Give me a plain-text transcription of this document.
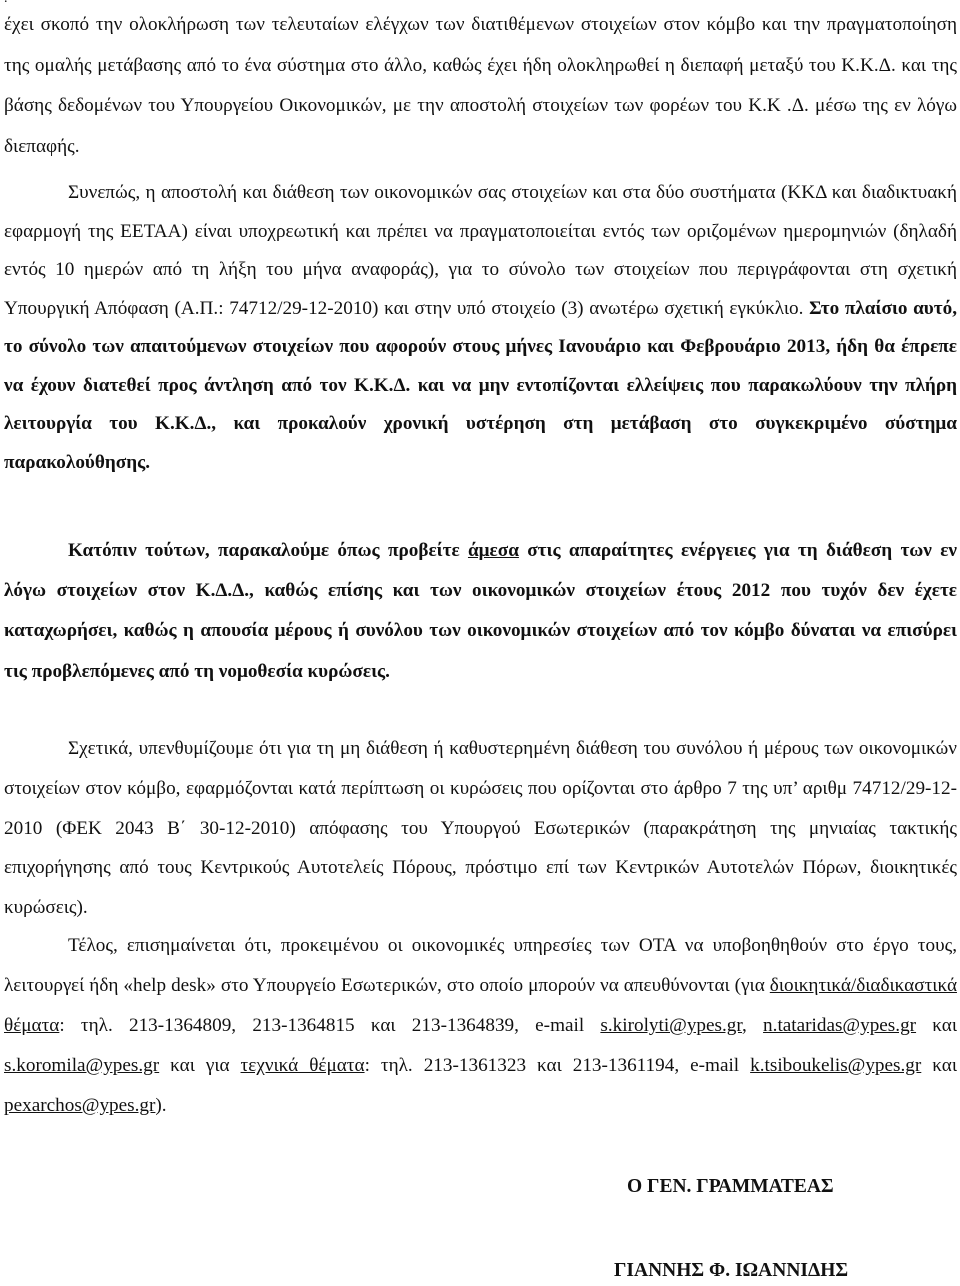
έχει σκοπό την ολοκλήρωση των τελευταίων ελέγχων των διατιθέμενων στοιχείων στον κόμβο και την πραγματοποίηση της ομαλής μετάβασης από το ένα σύστημα στο άλλο, καθώς έχει ήδη ολοκληρωθεί η διεπαφή μεταξύ του Κ.Κ.Δ. και της βάσης δεδομένων του Υπουργείου Οικονομικών, με την αποστολή στοιχείων των φορέων του Κ.Κ .Δ. μέσω της εν λόγω διεπαφής.

Συνεπώς, η αποστολή και διάθεση των οικονομικών σας στοιχείων και στα δύο συστήματα (ΚΚΔ και διαδικτυακή εφαρμογή της ΕΕΤΑΑ) είναι υποχρεωτική και πρέπει να πραγματοποιείται εντός των οριζομένων ημερομηνιών (δηλαδή εντός 10 ημερών από τη λήξη του μήνα αναφοράς), για το σύνολο των στοιχείων που περιγράφονται στη σχετική Υπουργική Απόφαση (Α.Π.: 74712/29-12-2010) και στην υπό στοιχείο (3) ανωτέρω σχετική εγκύκλιο. Στο πλαίσιο αυτό, το σύνολο των απαιτούμενων στοιχείων που αφορούν στους μήνες Ιανουάριο και Φεβρουάριο 2013, ήδη θα έπρεπε να έχουν διατεθεί προς άντληση από τον Κ.Κ.Δ. και να μην εντοπίζονται ελλείψεις που παρακωλύουν την πλήρη λειτουργία του Κ.Κ.Δ., και προκαλούν χρονική υστέρηση στη μετάβαση στο συγκεκριμένο σύστημα παρακολούθησης.

Κατόπιν τούτων, παρακαλούμε όπως προβείτε άμεσα στις απαραίτητες ενέργειες για τη διάθεση των εν λόγω στοιχείων στον Κ.Δ.Δ., καθώς επίσης και των οικονομικών στοιχείων έτους 2012 που τυχόν δεν έχετε καταχωρήσει, καθώς η απουσία μέρους ή συνόλου των οικονομικών στοιχείων από τον κόμβο δύναται να επισύρει τις προβλεπόμενες από τη νομοθεσία κυρώσεις.

Σχετικά, υπενθυμίζουμε ότι για τη μη διάθεση ή καθυστερημένη διάθεση του συνόλου ή μέρους των οικονομικών στοιχείων στον κόμβο, εφαρμόζονται κατά περίπτωση οι κυρώσεις που ορίζονται στο άρθρο 7 της υπ’ αριθμ 74712/29-12-2010 (ΦΕΚ 2043 Β΄ 30-12-2010) απόφασης του Υπουργού Εσωτερικών (παρακράτηση της μηνιαίας τακτικής επιχορήγησης από τους Κεντρικούς Αυτοτελείς Πόρους, πρόστιμο επί των Κεντρικών Αυτοτελών Πόρων, διοικητικές κυρώσεις).

Τέλος, επισημαίνεται ότι, προκειμένου οι οικονομικές υπηρεσίες των ΟΤΑ να υποβοηθηθούν στο έργο τους, λειτουργεί ήδη «help desk» στο Υπουργείο Εσωτερικών, στο οποίο μπορούν να απευθύνονται (για διοικητικά/διαδικαστικά θέματα: τηλ. 213-1364809, 213-1364815 και 213-1364839, e-mail s.kirolyti@ypes.gr, n.tataridas@ypes.gr και s.koromila@ypes.gr και για τεχνικά θέματα: τηλ. 213-1361323 και 213-1361194, e-mail k.tsiboukelis@ypes.gr και pexarchos@ypes.gr).

Ο ΓΕΝ. ΓΡΑΜΜΑΤΕΑΣ

ΓΙΑΝΝΗΣ Φ. ΙΩΑΝΝΙΔΗΣ
